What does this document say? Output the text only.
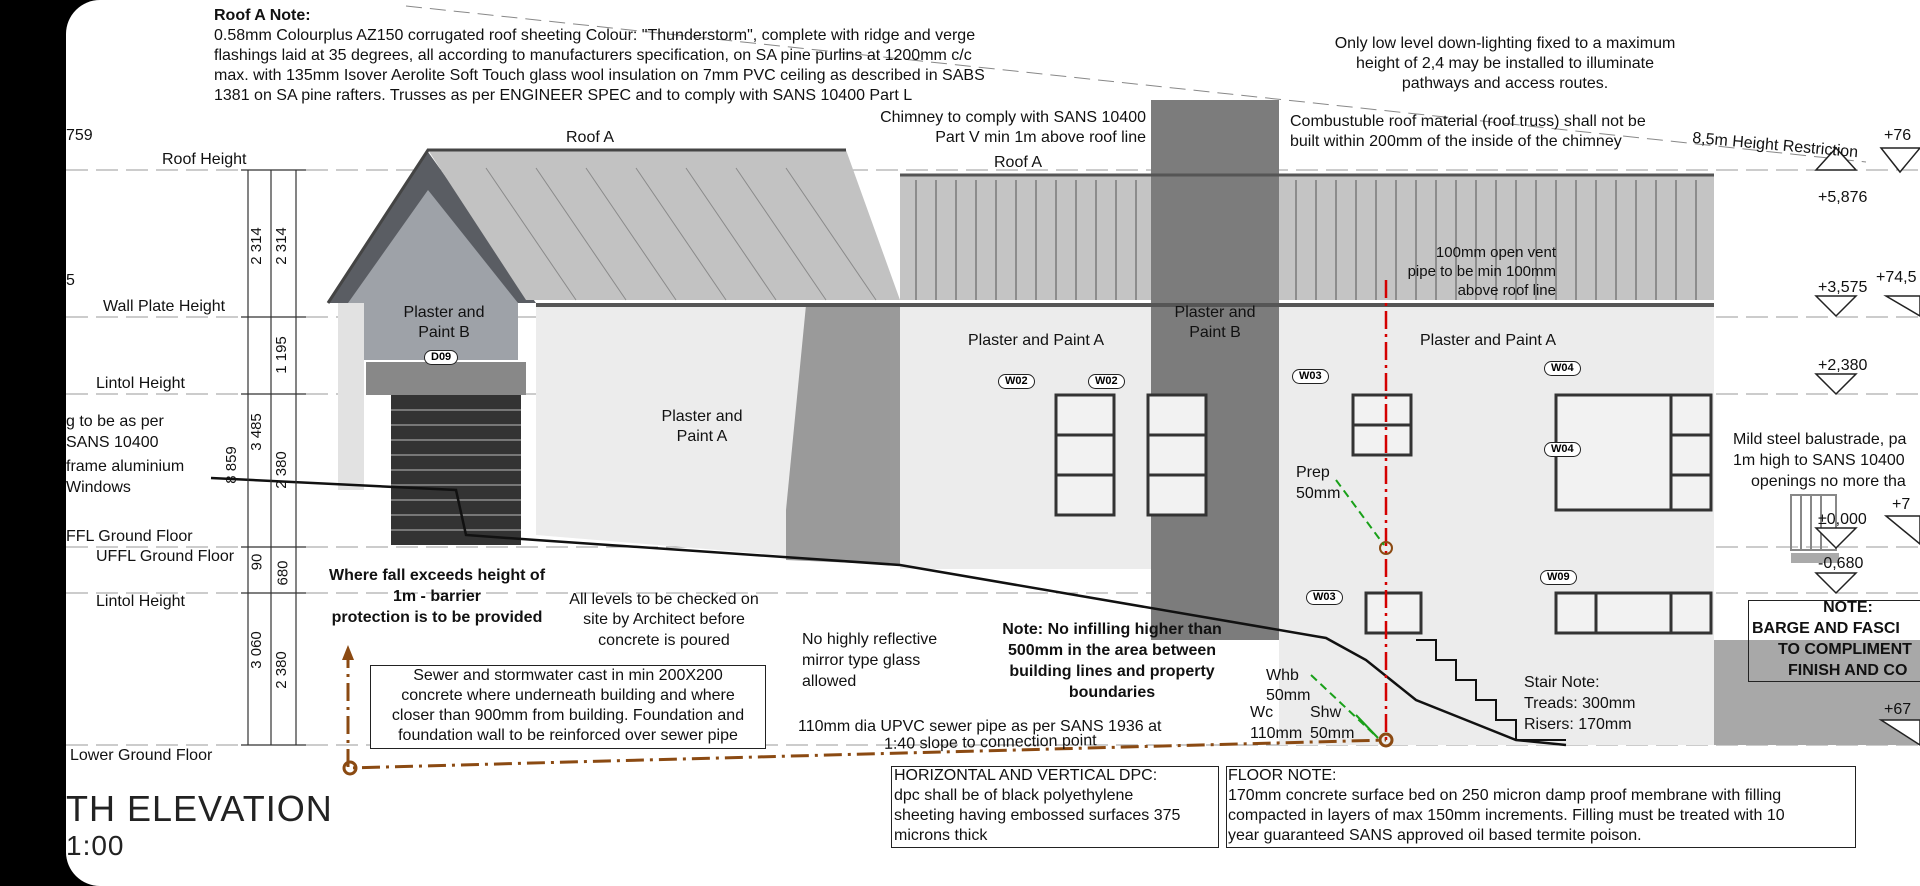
Roof A Note:
0.58mm Colourplus AZ150 corrugated roof sheeting Colour: "Thunderstorm", complete with ridge and verge
flashings laid at 35 degrees, all according to manufacturers specification, on SA pine purlins at 1200mm c/c
max. with 135mm Isover Aerolite Soft Touch glass wool insulation on 7mm PVC ceiling as described in SABS
1381 on SA pine rafters. Trusses as per ENGINEER SPEC and to comply with SANS 10400 Part L
Only low level down-lighting fixed to a maximum
height of 2,4 may be installed to illuminate
pathways and access routes.
Chimney to comply with SANS 10400
Part V min 1m above roof line
Combustuble roof material (roof truss) shall not be
built within 200mm of the inside of the chimney	8,5m Height Restriction
759
5
Roof Height
Wall Plate Height
Lintol Height
FFL Ground Floor
UFFL Ground Floor
Lintol Height
Lower Ground Floor
g to be as per
SANS 10400
frame aluminium
Windows
2 314 2 314
1 195
3 485
8 859 2 380
90 680
3 060
2 380
Roof A
Roof A
Plaster and
Paint B
Plaster and
Paint A
Plaster and Paint A
Plaster and
Paint B	Plaster and Paint A
D09
W02	W02	W03
W04
W04
W03
W09
100mm open vent
pipe to be min 100mm
above roof line
Prep
50mm
+76
+5,876
+3,575
+74,5
+2,380
±0,000
+7
-0,680
+67
Mild steel balustrade, pa
1m high to SANS 10400
openings no more tha
NOTE:
BARGE AND FASCI
TO COMPLIMENT
FINISH AND CO
Where fall exceeds height of
1m - barrier
protection is to be provided
All levels to be checked on
site by Architect before
concrete is poured	No highly reflective
mirror type glass
allowed
Note: No infilling higher than
500mm in the area between
building lines and property
boundaries
Sewer and stormwater cast in min 200X200
concrete where underneath building and where
closer than 900mm from building. Foundation and
foundation wall to be reinforced over sewer pipe
110mm dia UPVC sewer pipe as per SANS 1936 at
1:40 slope to connection point
Whb
50mm
Wc
110mm
Shw
50mm
Stair Note:
Treads: 300mm
Risers: 170mm
HORIZONTAL AND VERTICAL DPC:
dpc shall be of black polyethylene
sheeting having embossed surfaces 375
microns thick
FLOOR NOTE:
170mm concrete surface bed on 250 micron damp proof membrane with filling
compacted in layers of max 150mm increments. Filling must be treated with 10
year guaranteed SANS approved oil based termite poison.
TH ELEVATION
1:00
